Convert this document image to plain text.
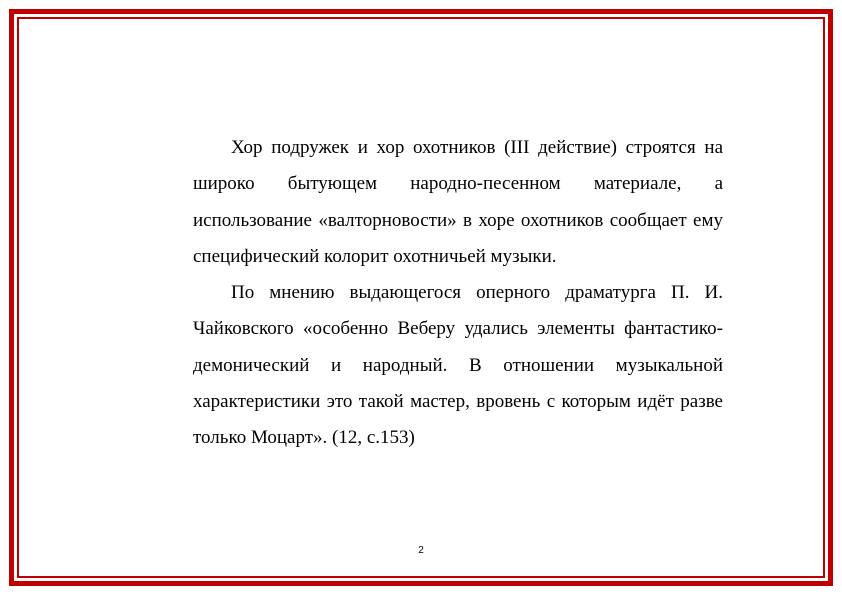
Хор подружек и хор охотников (III действие) строятся на широко бытующем народно-песенном материале, а использование «валторновости» в хоре охотников сообщает ему специфический колорит охотничьей музыки.

По мнению выдающегося оперного драматурга П. И. Чайковского «особенно Веберу удались элементы фантастико-демонический и народный. В отношении музыкальной характеристики это такой мастер, вровень с которым идёт разве только Моцарт». (12, с.153)

2
